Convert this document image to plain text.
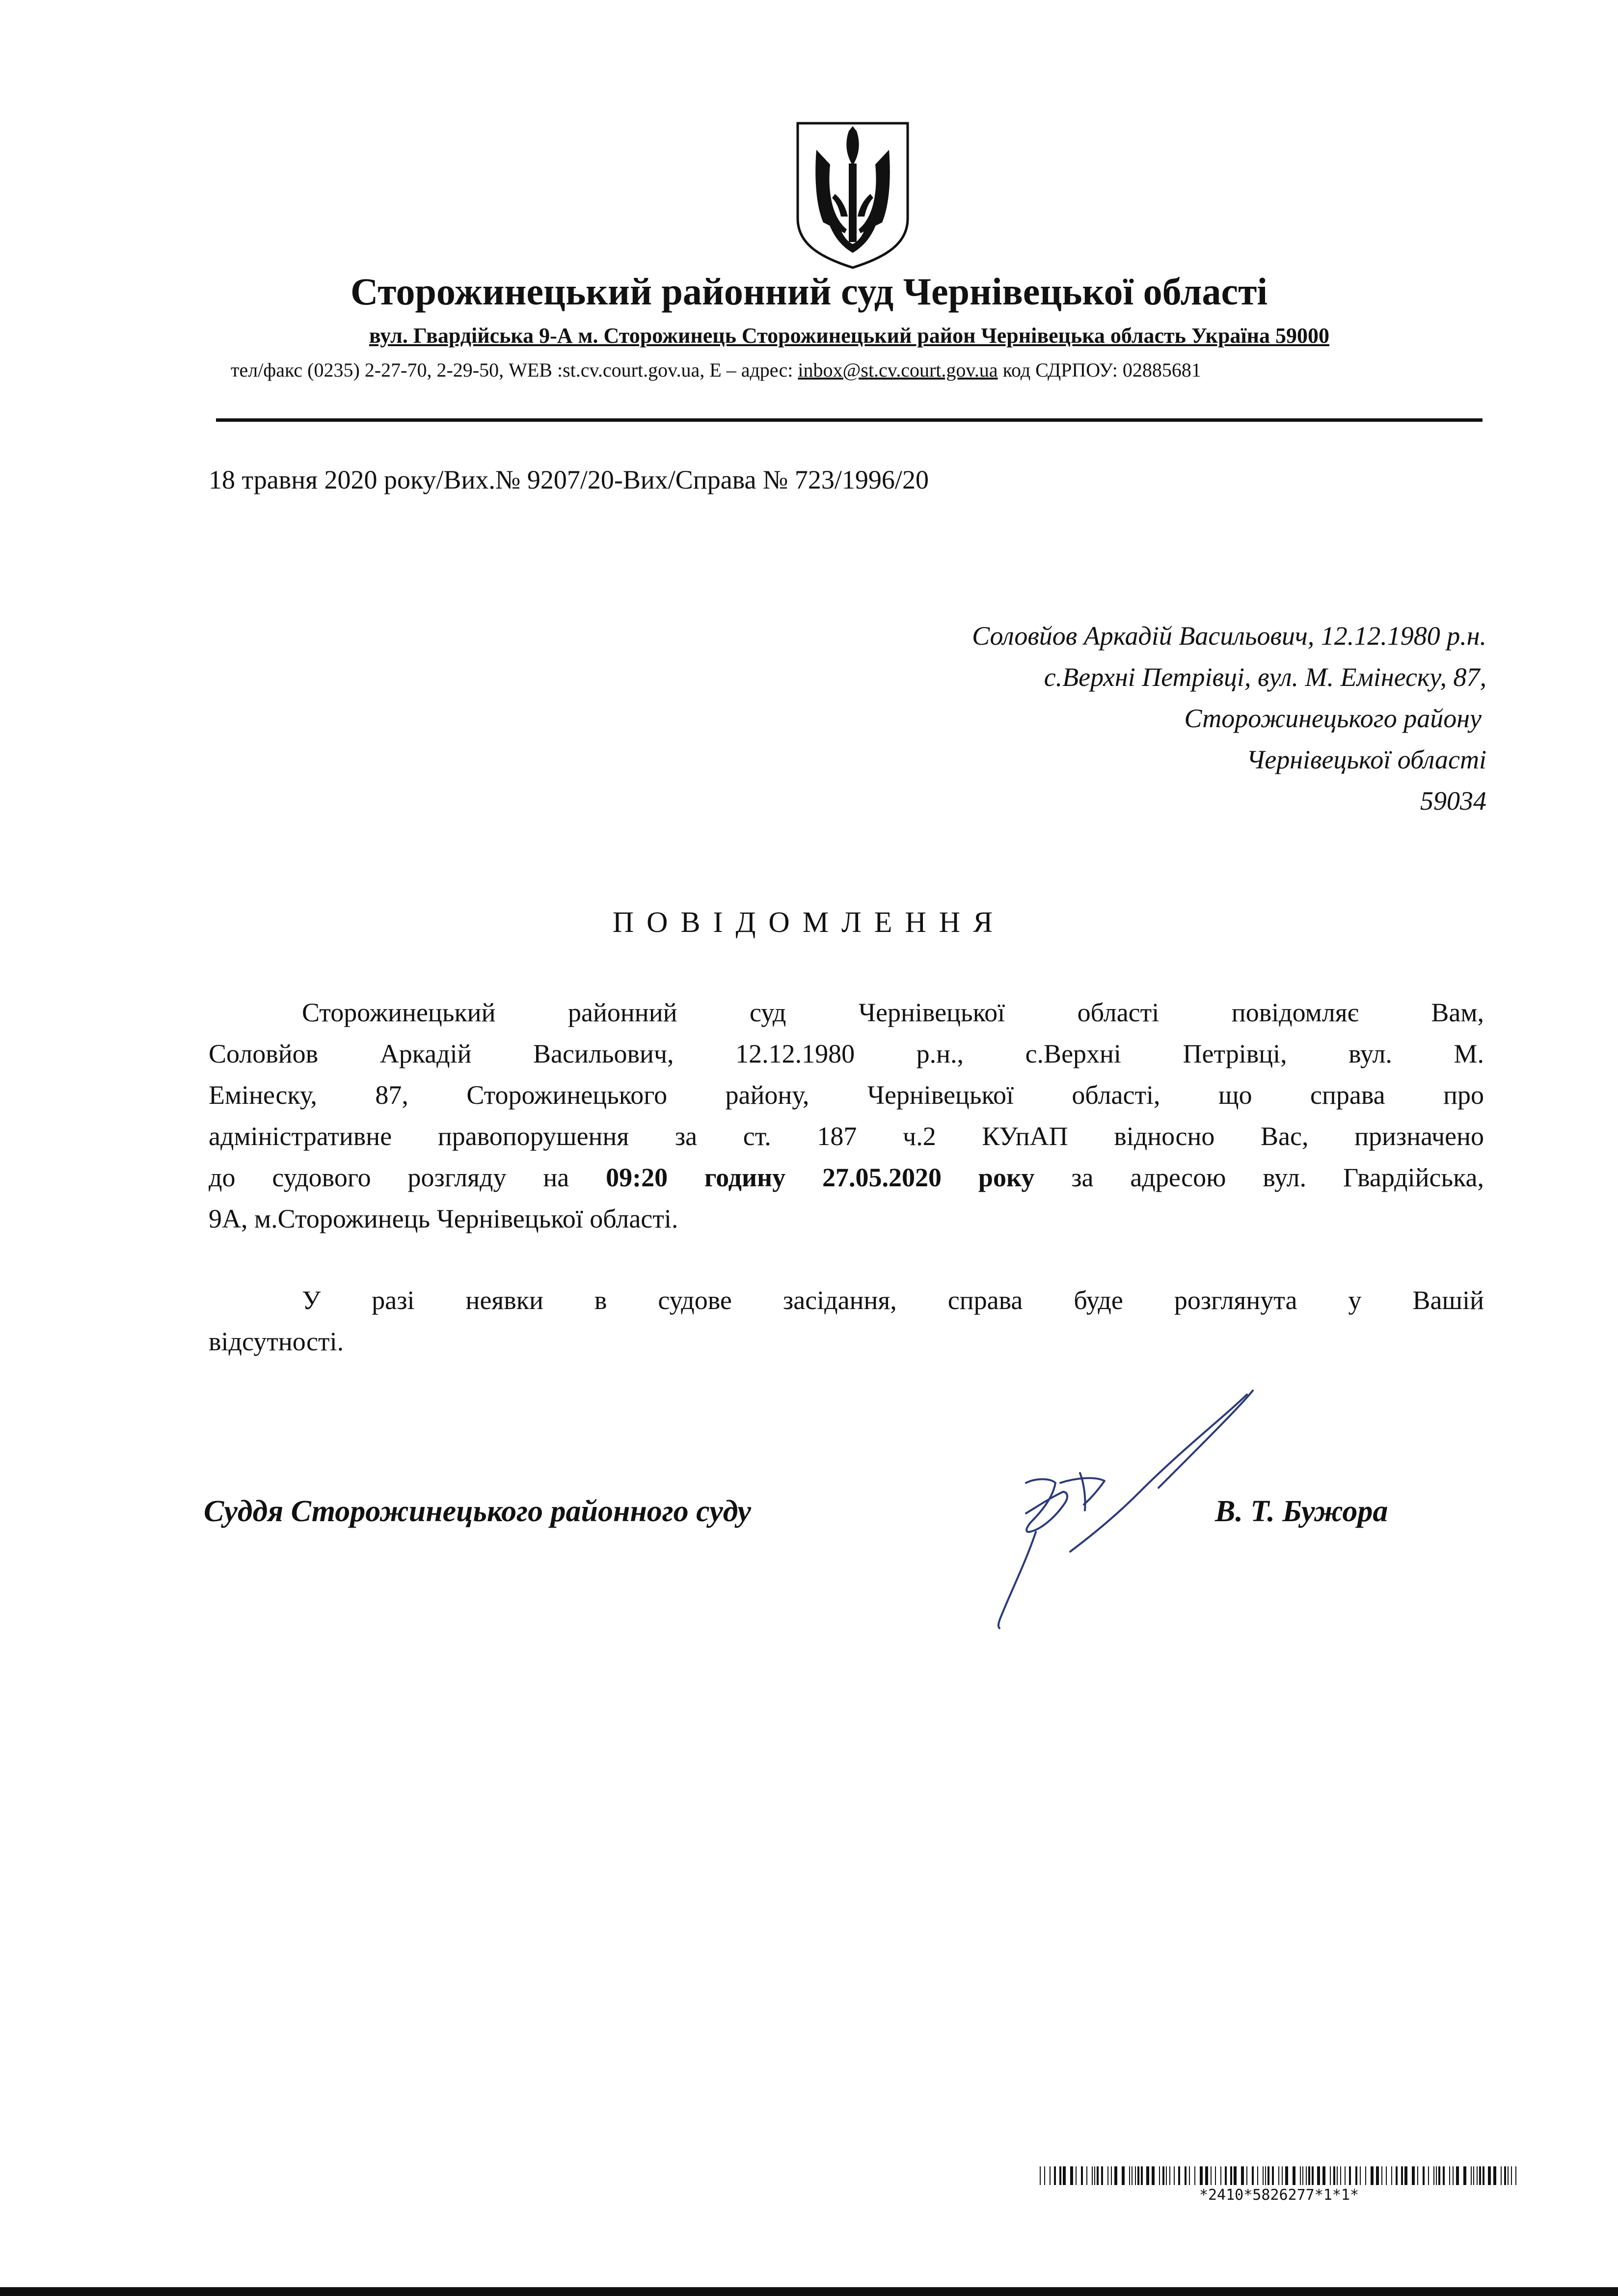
Сторожинецький районний суд Чернівецької області
вул. Гвардійська 9-А м. Сторожинець Сторожинецький район Чернівецька область Україна 59000
тел/факс (0235) 2-27-70, 2-29-50, WEB :st.cv.court.gov.ua, E – адрес: inbox@st.cv.court.gov.ua код СДРПОУ: 02885681
18 травня 2020 року/Вих.№ 9207/20-Вих/Справа № 723/1996/20
Соловйов Аркадій Васильович, 12.12.1980 р.н.
с.Верхні Петрівці, вул. М. Емінеску, 87,
Сторожинецького району
Чернівецької області
59034
ПОВІДОМЛЕННЯ
Сторожинецький районний суд Чернівецької області повідомляє Вам,
Соловйов Аркадій Васильович, 12.12.1980 р.н., с.Верхні Петрівці, вул. М.
Емінеску, 87, Сторожинецького району, Чернівецької області, що справа про
адміністративне правопорушення за ст. 187 ч.2 КУпАП відносно Вас, призначено
до судового розгляду на 09:20 годину 27.05.2020 року за адресою вул. Гвардійська,
9А, м.Сторожинець Чернівецької області.
У разі неявки в судове засідання, справа буде розглянута у Вашій
відсутності.
Суддя Сторожинецького районного суду	В. Т. Бужора
*2410*5826277*1*1*
